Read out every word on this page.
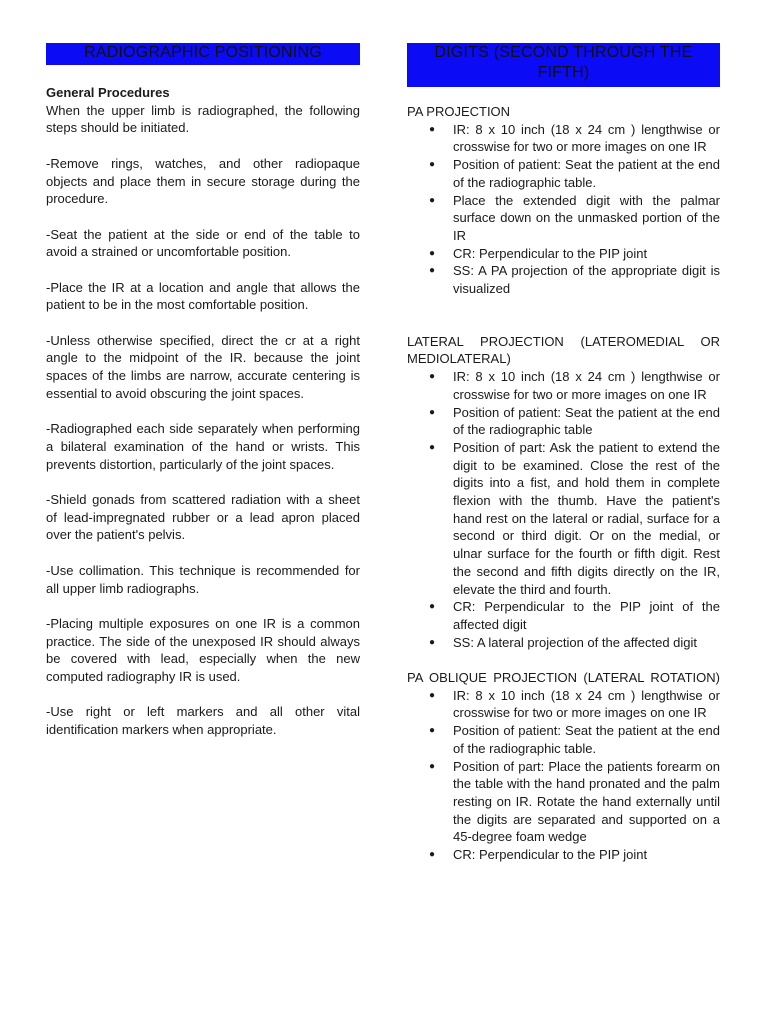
RADIOGRAPHIC POSITIONING
General Procedures

When the upper limb is radiographed, the following steps should be initiated.

-Remove rings, watches, and other radiopaque objects and place them in secure storage during the procedure.

-Seat the patient at the side or end of the table to avoid a strained or uncomfortable position.

-Place the IR at a location and angle that allows the patient to be in the most comfortable position.

-Unless otherwise specified, direct the cr at a right angle to the midpoint of the IR. because the joint spaces of the limbs are narrow, accurate centering is essential to avoid obscuring the joint spaces.

-Radiographed each side separately when performing a bilateral examination of the hand or wrists. This prevents distortion, particularly of the joint spaces.

-Shield gonads from scattered radiation with a sheet of lead-impregnated rubber or a lead apron placed over the patient's pelvis.

-Use collimation. This technique is recommended for all upper limb radiographs.

-Placing multiple exposures on one IR is a common practice. The side of the unexposed IR should always be covered with lead, especially when the new computed radiography IR is used.

-Use right or left markers and all other vital identification markers when appropriate.

DIGITS (SECOND THROUGH THE FIFTH)

PA PROJECTION

● IR: 8 x 10 inch (18 x 24 cm ) lengthwise or crosswise for two or more images on one IR
● Position of patient: Seat the patient at the end of the radiographic table.
● Place the extended digit with the palmar surface down on the unmasked portion of the IR
● CR: Perpendicular to the PIP joint
● SS: A PA projection of the appropriate digit is visualized

LATERAL PROJECTION (LATEROMEDIAL OR MEDIOLATERAL)

● IR: 8 x 10 inch (18 x 24 cm ) lengthwise or crosswise for two or more images on one IR
● Position of patient: Seat the patient at the end of the radiographic table
● Position of part: Ask the patient to extend the digit to be examined. Close the rest of the digits into a fist, and hold them in complete flexion with the thumb. Have the patient's hand rest on the lateral or radial, surface for a second or third digit. Or on the medial, or ulnar surface for the fourth or fifth digit. Rest the second and fifth digits directly on the IR, elevate the third and fourth.
● CR: Perpendicular to the PIP joint of the affected digit
● SS: A lateral projection of the affected digit

PA OBLIQUE PROJECTION (LATERAL ROTATION)

● IR: 8 x 10 inch (18 x 24 cm ) lengthwise or crosswise for two or more images on one IR
● Position of patient: Seat the patient at the end of the radiographic table.
● Position of part: Place the patients forearm on the table with the hand pronated and the palm resting on IR. Rotate the hand externally until the digits are separated and supported on a 45-degree foam wedge
● CR: Perpendicular to the PIP joint
